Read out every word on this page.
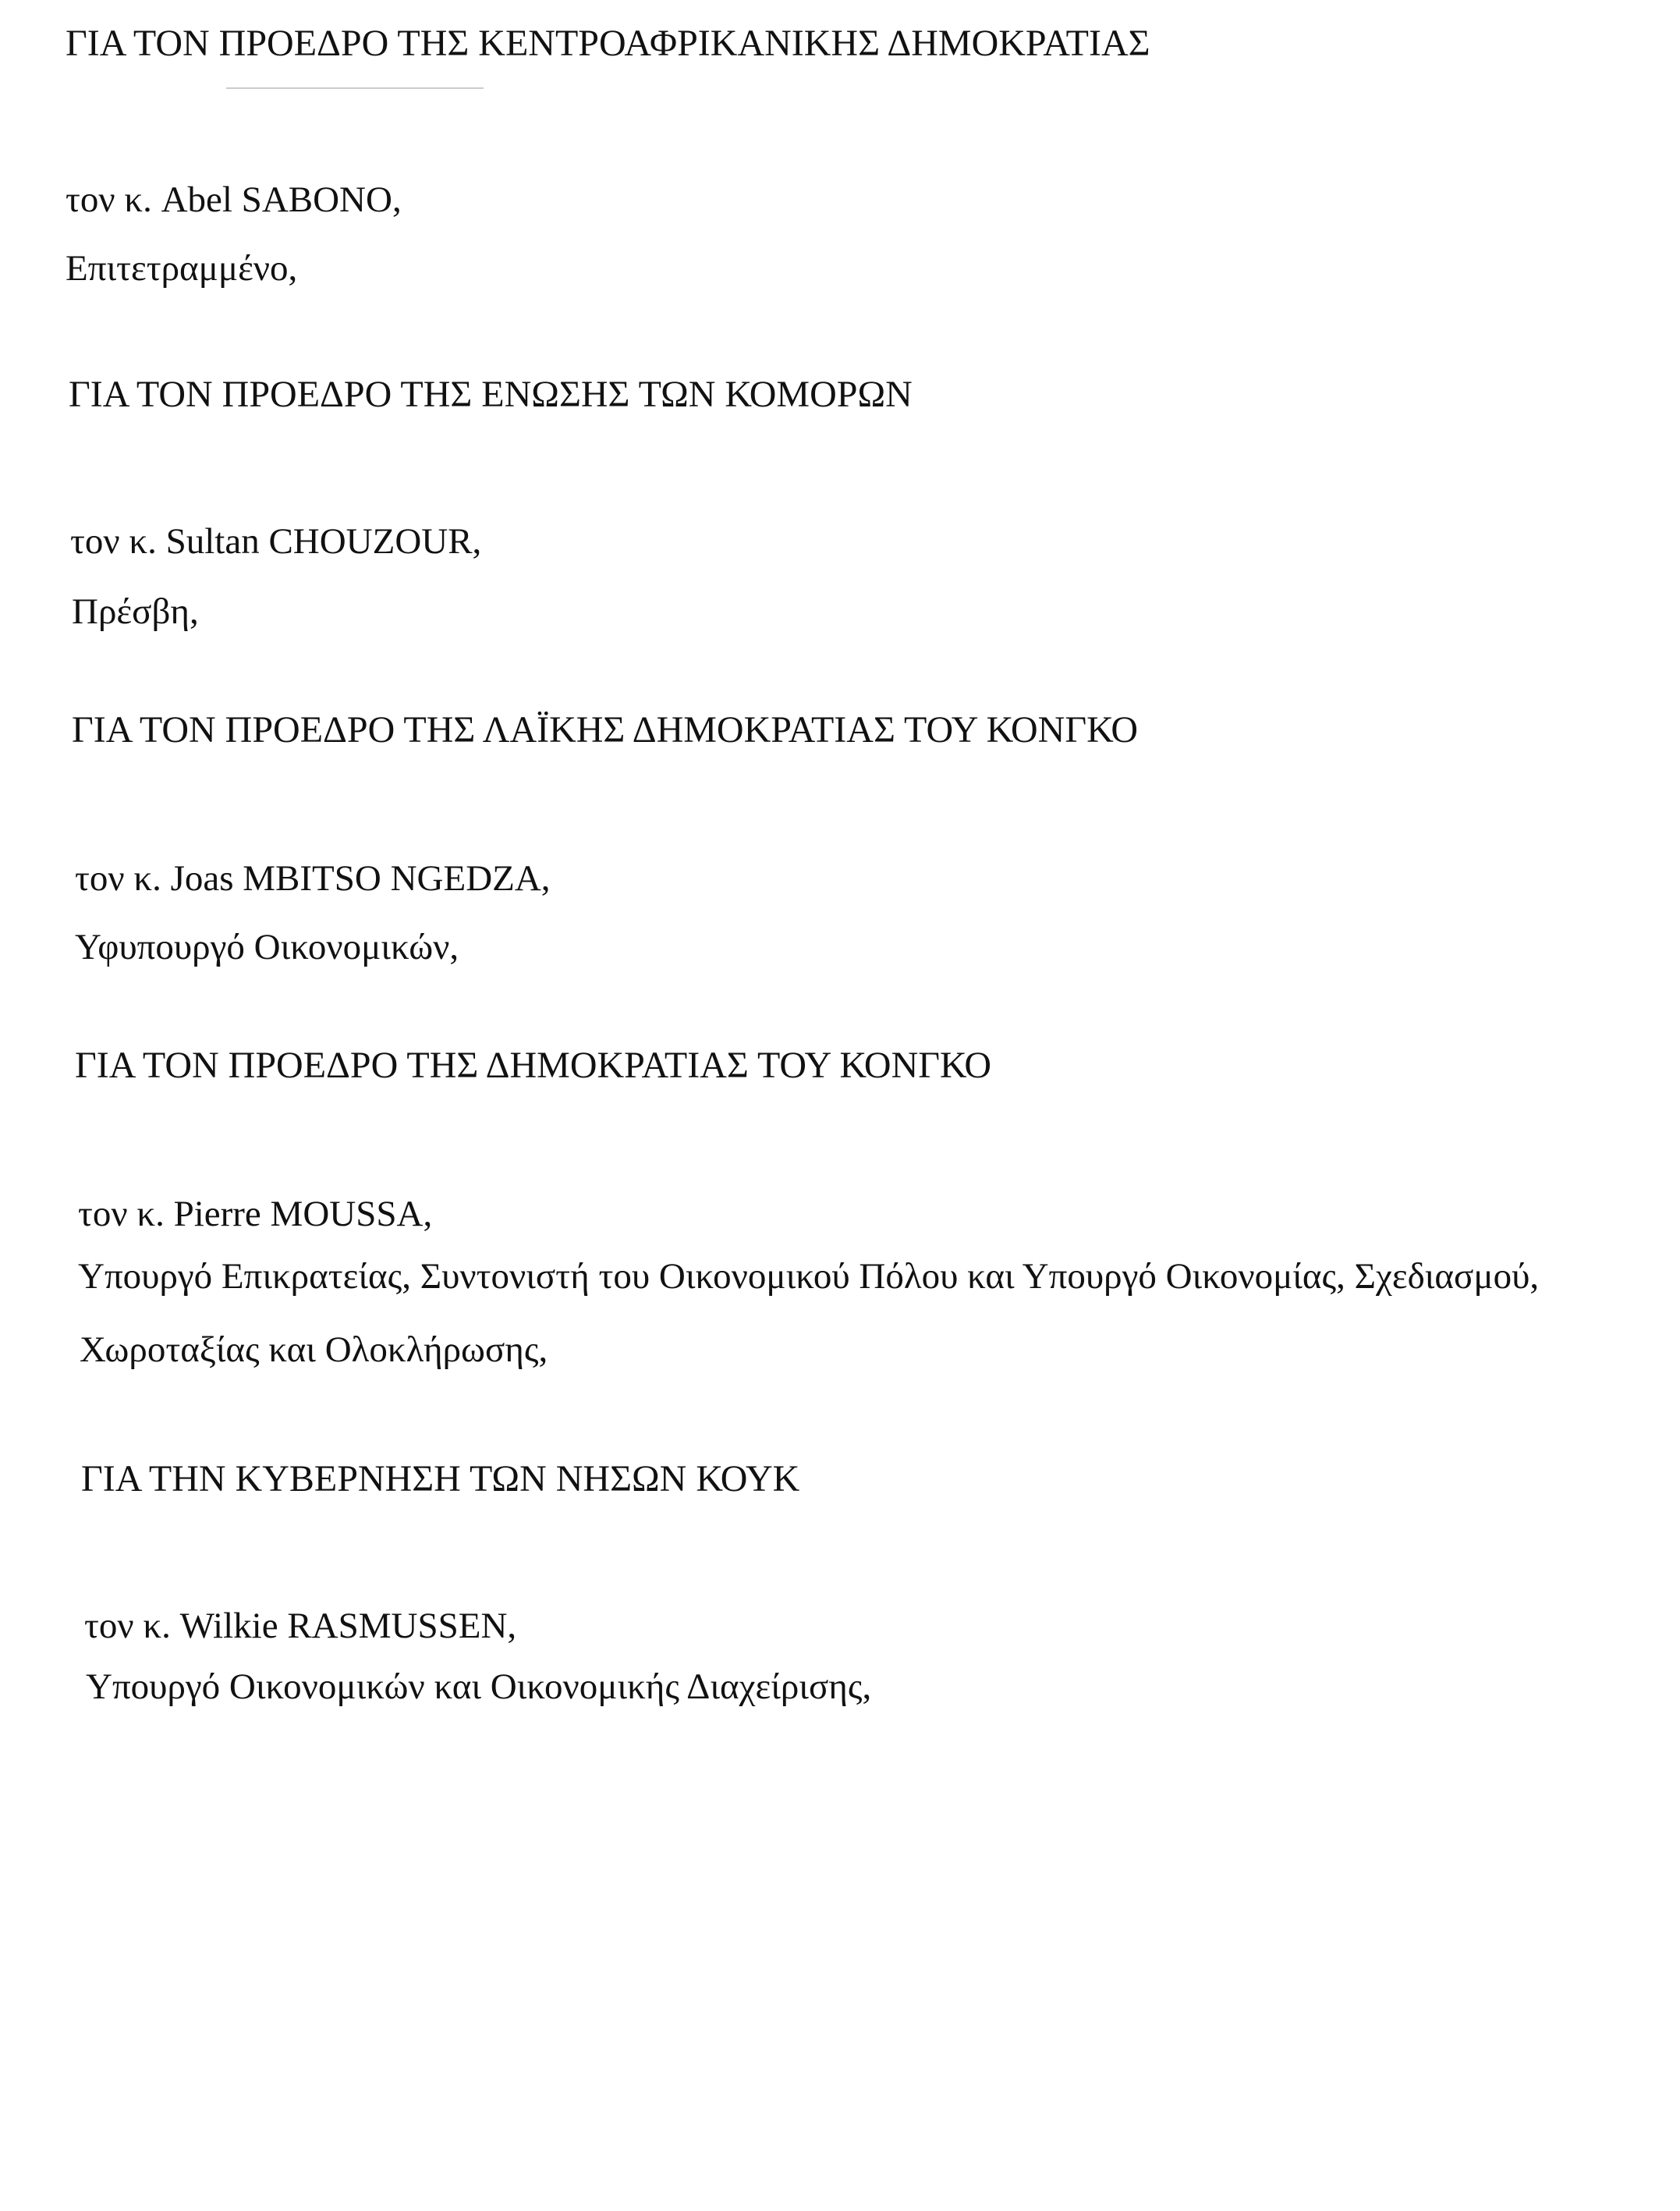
ΓΙΑ ΤΟΝ ΠΡΟΕΔΡΟ ΤΗΣ ΚΕΝΤΡΟΑΦΡΙΚΑΝΙΚΗΣ ΔΗΜΟΚΡΑΤΙΑΣ
τον κ. Abel SABONO,
Επιτετραμμένο,
ΓΙΑ ΤΟΝ ΠΡΟΕΔΡΟ ΤΗΣ ΕΝΩΣΗΣ ΤΩΝ ΚΟΜΟΡΩΝ
τον κ. Sultan CHOUZOUR,
Πρέσβη,
ΓΙΑ ΤΟΝ ΠΡΟΕΔΡΟ ΤΗΣ ΛΑΪΚΗΣ ΔΗΜΟΚΡΑΤΙΑΣ ΤΟΥ ΚΟΝΓΚΟ
τον κ. Joas MBITSO NGEDZA,
Υφυπουργό Οικονομικών,
ΓΙΑ ΤΟΝ ΠΡΟΕΔΡΟ ΤΗΣ ΔΗΜΟΚΡΑΤΙΑΣ ΤΟΥ ΚΟΝΓΚΟ
τον κ. Pierre MOUSSA,
Υπουργό Επικρατείας, Συντονιστή του Οικονομικού Πόλου και Υπουργό Οικονομίας, Σχεδιασμού,
Χωροταξίας και Ολοκλήρωσης,
ΓΙΑ ΤΗΝ ΚΥΒΕΡΝΗΣΗ ΤΩΝ ΝΗΣΩΝ ΚΟΥΚ
τον κ. Wilkie RASMUSSEN,
Υπουργό Οικονομικών και Οικονομικής Διαχείρισης,
